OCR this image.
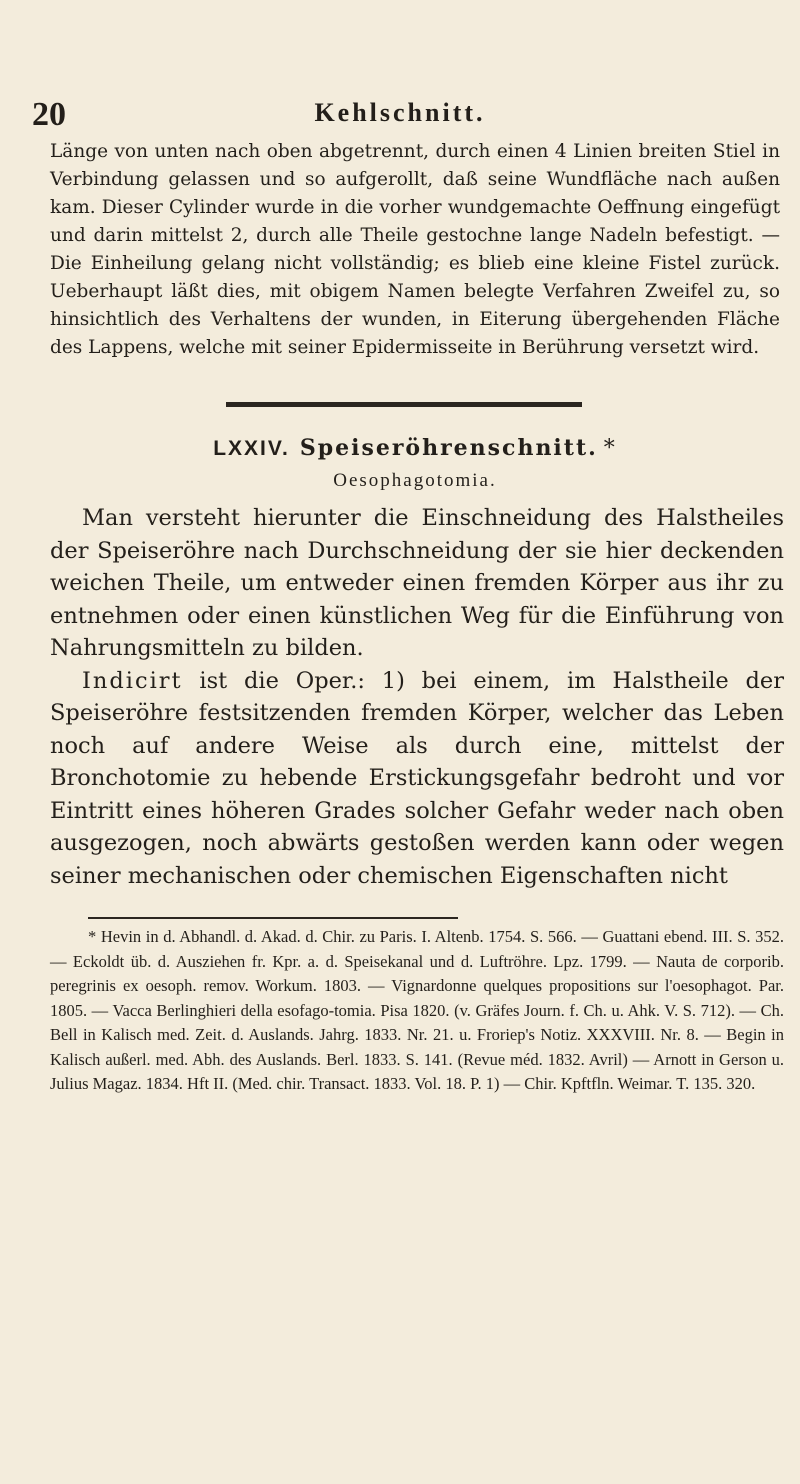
20	Kehlschnitt.

Länge von unten nach oben abgetrennt, durch einen 4 Linien breiten Stiel in Verbindung gelassen und so aufgerollt, daß seine Wundfläche nach außen kam. Dieser Cylinder wurde in die vorher wundgemachte Oeffnung eingefügt und darin mittelst 2, durch alle Theile gestochne lange Nadeln befestigt. — Die Einheilung gelang nicht vollständig; es blieb eine kleine Fistel zurück. Ueberhaupt läßt dies, mit obigem Namen belegte Verfahren Zweifel zu, so hinsichtlich des Verhaltens der wunden, in Eiterung übergehenden Fläche des Lappens, welche mit seiner Epidermisseite in Berührung versetzt wird.

LXXIV. Speiseröhrenschnitt. *
Oesophagotomia.

Man versteht hierunter die Einschneidung des Halstheiles der Speiseröhre nach Durchschneidung der sie hier deckenden weichen Theile, um entweder einen fremden Körper aus ihr zu entnehmen oder einen künstlichen Weg für die Einführung von Nahrungsmitteln zu bilden.

Indicirt ist die Oper.: 1) bei einem, im Halstheile der Speiseröhre festsitzenden fremden Körper, welcher das Leben noch auf andere Weise als durch eine, mittelst der Bronchotomie zu hebende Erstickungsgefahr bedroht und vor Eintritt eines höheren Grades solcher Gefahr weder nach oben ausgezogen, noch abwärts gestoßen werden kann oder wegen seiner mechanischen oder chemischen Eigenschaften nicht

* Hevin in d. Abhandl. d. Akad. d. Chir. zu Paris. I. Altenb. 1754. S. 566. — Guattani ebend. III. S. 352. — Eckoldt üb. d. Ausziehen fr. Kpr. a. d. Speisekanal und d. Luftröhre. Lpz. 1799. — Nauta de corporib. peregrinis ex oesoph. remov. Workum. 1803. — Vignardonne quelques propositions sur l'oesophagot. Par. 1805. — Vacca Berlinghieri della esofago-tomia. Pisa 1820. (v. Gräfes Journ. f. Ch. u. Ahk. V. S. 712). — Ch. Bell in Kalisch med. Zeit. d. Auslands. Jahrg. 1833. Nr. 21. u. Froriep's Notiz. XXXVIII. Nr. 8. — Begin in Kalisch außerl. med. Abh. des Auslands. Berl. 1833. S. 141. (Revue méd. 1832. Avril) — Arnott in Gerson u. Julius Magaz. 1834. Hft II. (Med. chir. Transact. 1833. Vol. 18. P. 1) — Chir. Kpftfln. Weimar. T. 135. 320.
